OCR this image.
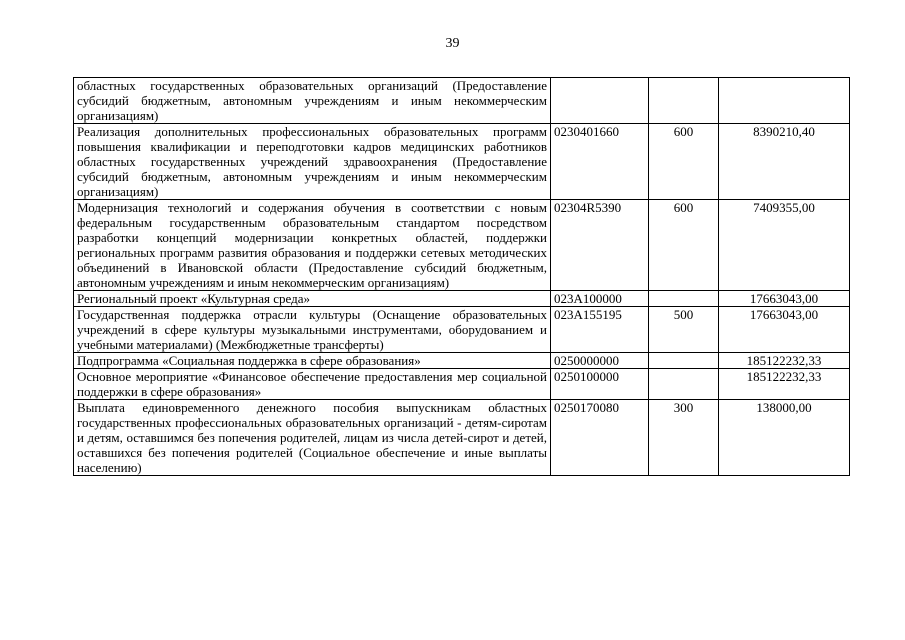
39
областных государственных образовательных организаций (Предоставление субсидий бюджетным, автономным учреждениям и иным некоммерческим организациям)			
Реализация дополнительных профессиональных образовательных программ повышения квалификации и переподготовки кадров медицинских работников областных государственных учреждений здравоохранения (Предоставление субсидий бюджетным, автономным учреждениям и иным некоммерческим организациям)	0230401660	600	8390210,40
Модернизация технологий и содержания обучения в соответствии с новым федеральным государственным образовательным стандартом посредством разработки концепций модернизации конкретных областей, поддержки региональных программ развития образования и поддержки сетевых методических объединений в Ивановской области (Предоставление субсидий бюджетным, автономным учреждениям и иным некоммерческим организациям)	02304R5390	600	7409355,00
Региональный проект «Культурная среда»	023А100000		17663043,00
Государственная поддержка отрасли культуры (Оснащение образовательных учреждений в сфере культуры музыкальными инструментами, оборудованием и учебными материалами) (Межбюджетные трансферты)	023А155195	500	17663043,00
Подпрограмма «Социальная поддержка в сфере образования»	0250000000		185122232,33
Основное мероприятие «Финансовое обеспечение предоставления мер социальной поддержки в сфере образования»	0250100000		185122232,33
Выплата единовременного денежного пособия выпускникам областных государственных профессиональных образовательных организаций - детям-сиротам и детям, оставшимся без попечения родителей, лицам из числа детей-сирот и детей, оставшихся без попечения родителей (Социальное обеспечение и иные выплаты населению)	0250170080	300	138000,00
